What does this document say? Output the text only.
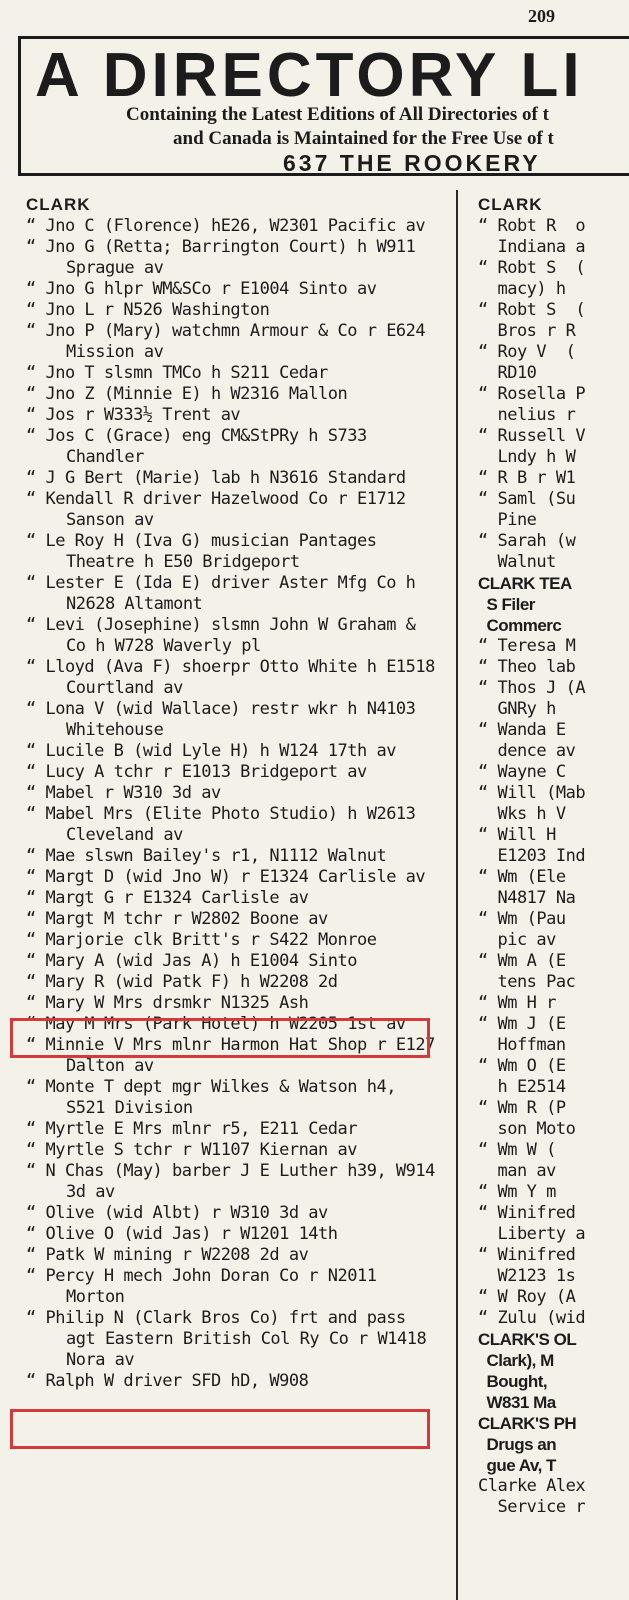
209
A DIRECTORY LI
Containing the Latest Editions of All Directories of t
and Canada is Maintained for the Free Use of t
637 THE ROOKERY
CLARK
“ Jno C (Florence) hE26, W2301 Pacific av
“ Jno G (Retta; Barrington Court) h W911 Sprague av
“ Jno G hlpr WM&SCo r E1004 Sinto av
“ Jno L r N526 Washington
“ Jno P (Mary) watchmn Armour & Co r E624 Mission av
“ Jno T slsmn TMCo h S211 Cedar
“ Jno Z (Minnie E) h W2316 Mallon
“ Jos r W333½ Trent av
“ Jos C (Grace) eng CM&StPRy h S733 Chandler
“ J G Bert (Marie) lab h N3616 Standard
“ Kendall R driver Hazelwood Co r E1712 Sanson av
“ Le Roy H (Iva G) musician Pantages Theatre h E50 Bridgeport
“ Lester E (Ida E) driver Aster Mfg Co h N2628 Altamont
“ Levi (Josephine) slsmn John W Graham & Co h W728 Waverly pl
“ Lloyd (Ava F) shoerpr Otto White h E1518 Courtland av
“ Lona V (wid Wallace) restr wkr h N4103 Whitehouse
“ Lucile B (wid Lyle H) h W124 17th av
“ Lucy A tchr r E1013 Bridgeport av
“ Mabel r W310 3d av
“ Mabel Mrs (Elite Photo Studio) h W2613 Cleveland av
“ Mae slswn Bailey's r1, N1112 Walnut
“ Margt D (wid Jno W) r E1324 Carlisle av
“ Margt G r E1324 Carlisle av
“ Margt M tchr r W2802 Boone av
“ Marjorie clk Britt's r S422 Monroe
“ Mary A (wid Jas A) h E1004 Sinto
“ Mary R (wid Patk F) h W2208 2d
“ Mary W Mrs drsmkr N1325 Ash
“ May M Mrs (Park Hotel) h W2205 1st av
“ Minnie V Mrs mlnr Harmon Hat Shop r E127 Dalton av
“ Monte T dept mgr Wilkes & Watson h4, S521 Division
“ Myrtle E Mrs mlnr r5, E211 Cedar
“ Myrtle S tchr r W1107 Kiernan av
“ N Chas (May) barber J E Luther h39, W914 3d av
“ Olive (wid Albt) r W310 3d av
“ Olive O (wid Jas) r W1201 14th
“ Patk W mining r W2208 2d av
“ Percy H mech John Doran Co r N2011 Morton
“ Philip N (Clark Bros Co) frt and pass agt Eastern British Col Ry Co r W1418 Nora av
“ Ralph W driver SFD hD, W908
CLARK
“ Robt R  o
Indiana a
“ Robt S  (
macy) h
“ Robt S  (
Bros r R
“ Roy V  (
RD10
“ Rosella P
nelius r
“ Russell V
Lndy h W
“ R B r W1
“ Saml (Su
Pine
“ Sarah (w
Walnut
CLARK TEA
S Filer
Commerc
“ Teresa M
“ Theo lab
“ Thos J (A
GNRy h
“ Wanda E
dence av
“ Wayne C
“ Will (Mab
Wks h V
“ Will H
E1203 Ind
“ Wm (Ele
N4817 Na
“ Wm (Pau
pic av
“ Wm A (E
tens Pac
“ Wm H r
“ Wm J (E
Hoffman
“ Wm O (E
h E2514
“ Wm R (P
son Moto
“ Wm W (
man av
“ Wm Y m
“ Winifred
Liberty a
“ Winifred
W2123 1s
“ W Roy (A
“ Zulu (wid
CLARK'S OL
Clark), M
Bought,
W831 Ma
CLARK'S PH
Drugs an
gue Av, T
Clarke Alex
Service r
